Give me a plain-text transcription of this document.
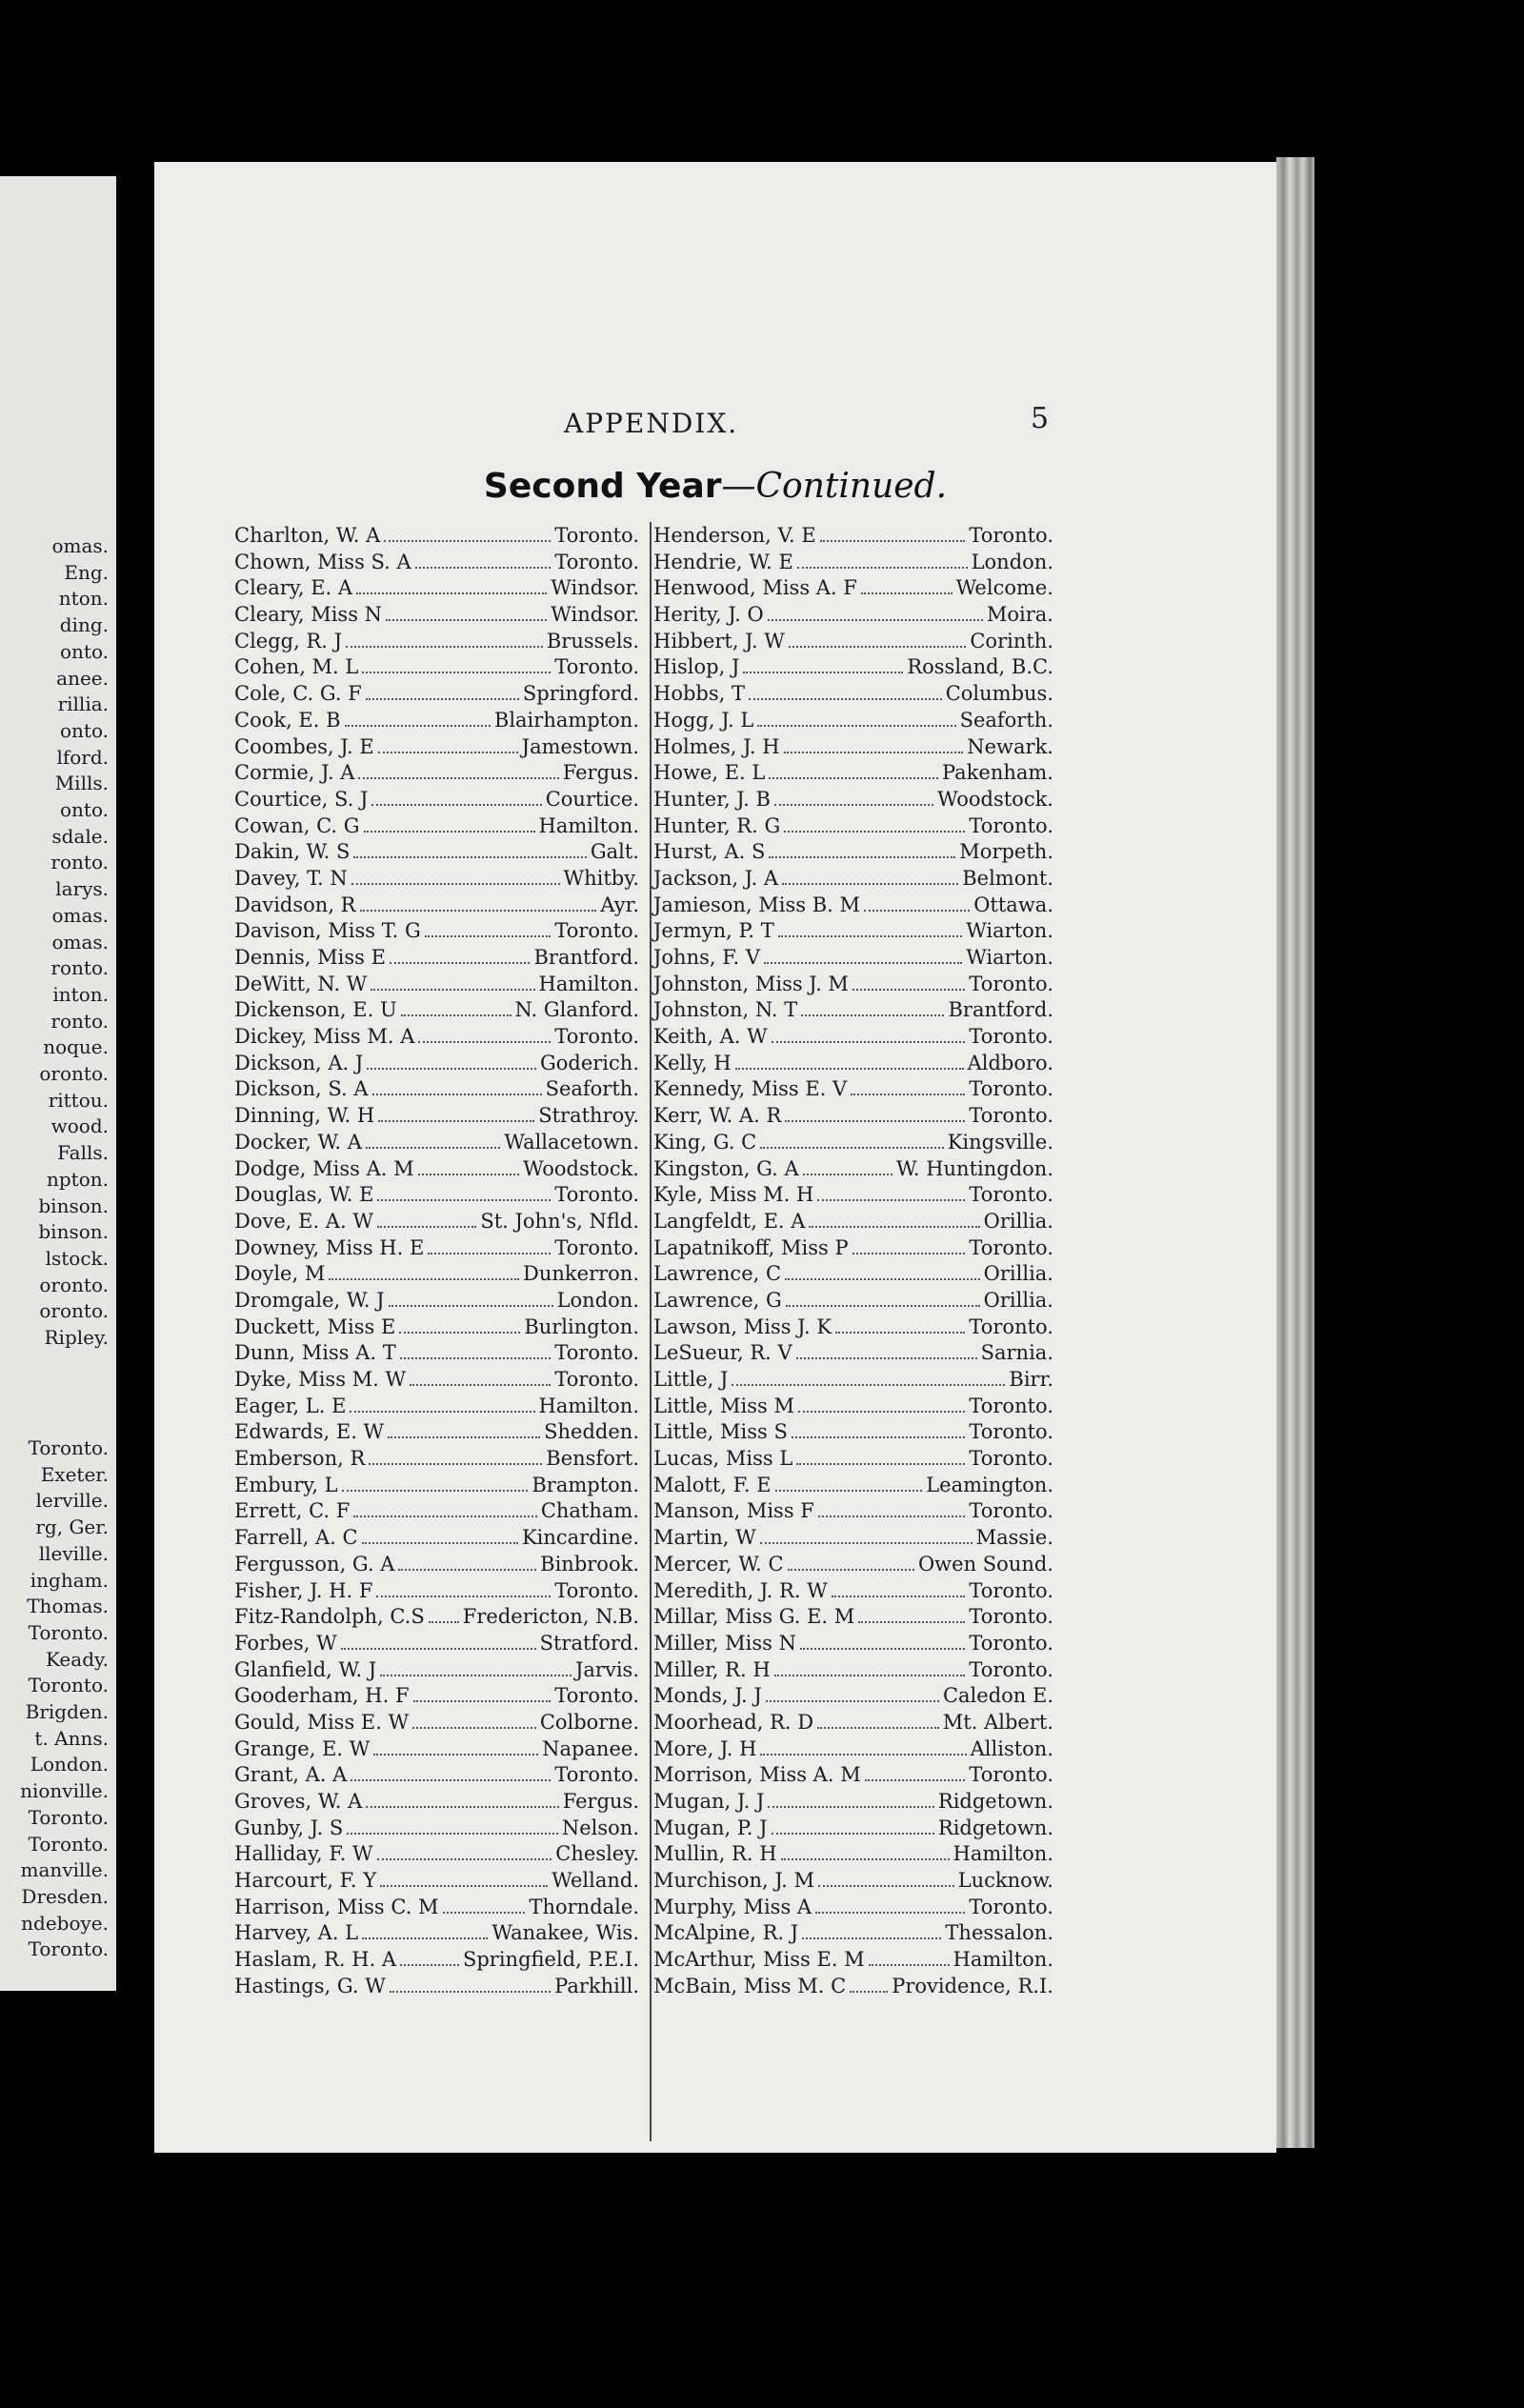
omas.
Eng.
nton.
ding.
onto.
anee.
rillia.
onto.
lford.
Mills.
onto.
sdale.
ronto.
larys.
omas.
omas.
ronto.
inton.
ronto.
noque.
oronto.
rittou.
wood.
Falls.
npton.
binson.
binson.
lstock.
oronto.
oronto.
Ripley.
Toronto.
Exeter.
lerville.
rg, Ger.
lleville.
ingham.
Thomas.
Toronto.
Keady.
Toronto.
Brigden.
t. Anns.
London.
nionville.
Toronto.
Toronto.
manville.
Dresden.
ndeboye.
Toronto.
APPENDIX.	5
Second Year—Continued.
Charlton, W. A	Toronto.
Chown, Miss S. A	Toronto.
Cleary, E. A	Windsor.
Cleary, Miss N	Windsor.
Clegg, R. J	Brussels.
Cohen, M. L	Toronto.
Cole, C. G. F	Springford.
Cook, E. B	Blairhampton.
Coombes, J. E	Jamestown.
Cormie, J. A	Fergus.
Courtice, S. J	Courtice.
Cowan, C. G	Hamilton.
Dakin, W. S	Galt.
Davey, T. N	Whitby.
Davidson, R	Ayr.
Davison, Miss T. G	Toronto.
Dennis, Miss E	Brantford.
DeWitt, N. W	Hamilton.
Dickenson, E. U	N. Glanford.
Dickey, Miss M. A	Toronto.
Dickson, A. J	Goderich.
Dickson, S. A	Seaforth.
Dinning, W. H	Strathroy.
Docker, W. A	Wallacetown.
Dodge, Miss A. M	Woodstock.
Douglas, W. E	Toronto.
Dove, E. A. W	St. John's, Nfld.
Downey, Miss H. E	Toronto.
Doyle, M	Dunkerron.
Dromgale, W. J	London.
Duckett, Miss E	Burlington.
Dunn, Miss A. T	Toronto.
Dyke, Miss M. W	Toronto.
Eager, L. E	Hamilton.
Edwards, E. W	Shedden.
Emberson, R	Bensfort.
Embury, L	Brampton.
Errett, C. F	Chatham.
Farrell, A. C	Kincardine.
Fergusson, G. A	Binbrook.
Fisher, J. H. F	Toronto.
Fitz-Randolph, C.S Fredericton, N.B.
Forbes, W	Stratford.
Glanfield, W. J	Jarvis.
Gooderham, H. F	Toronto.
Gould, Miss E. W	Colborne.
Grange, E. W	Napanee.
Grant, A. A	Toronto.
Groves, W. A	Fergus.
Gunby, J. S	Nelson.
Halliday, F. W	Chesley.
Harcourt, F. Y	Welland.
Harrison, Miss C. M	Thorndale.
Harvey, A. L	Wanakee, Wis.
Haslam, R. H. A	Springfield, P.E.I.
Hastings, G. W	Parkhill.
Henderson, V. E	Toronto.
Hendrie, W. E	London.
Henwood, Miss A. F	Welcome.
Herity, J. O	Moira.
Hibbert, J. W	Corinth.
Hislop, J	Rossland, B.C.
Hobbs, T	Columbus.
Hogg, J. L	Seaforth.
Holmes, J. H	Newark.
Howe, E. L	Pakenham.
Hunter, J. B	Woodstock.
Hunter, R. G	Toronto.
Hurst, A. S	Morpeth.
Jackson, J. A	Belmont.
Jamieson, Miss B. M	Ottawa.
Jermyn, P. T	Wiarton.
Johns, F. V	Wiarton.
Johnston, Miss J. M	Toronto.
Johnston, N. T	Brantford.
Keith, A. W	Toronto.
Kelly, H	Aldboro.
Kennedy, Miss E. V	Toronto.
Kerr, W. A. R	Toronto.
King, G. C	Kingsville.
Kingston, G. A	W. Huntingdon.
Kyle, Miss M. H	Toronto.
Langfeldt, E. A	Orillia.
Lapatnikoff, Miss P	Toronto.
Lawrence, C	Orillia.
Lawrence, G	Orillia.
Lawson, Miss J. K	Toronto.
LeSueur, R. V	Sarnia.
Little, J	Birr.
Little, Miss M	Toronto.
Little, Miss S	Toronto.
Lucas, Miss L	Toronto.
Malott, F. E	Leamington.
Manson, Miss F	Toronto.
Martin, W	Massie.
Mercer, W. C	Owen Sound.
Meredith, J. R. W	Toronto.
Millar, Miss G. E. M	Toronto.
Miller, Miss N	Toronto.
Miller, R. H	Toronto.
Monds, J. J	Caledon E.
Moorhead, R. D	Mt. Albert.
More, J. H	Alliston.
Morrison, Miss A. M	Toronto.
Mugan, J. J	Ridgetown.
Mugan, P. J	Ridgetown.
Mullin, R. H	Hamilton.
Murchison, J. M	Lucknow.
Murphy, Miss A	Toronto.
McAlpine, R. J	Thessalon.
McArthur, Miss E. M	Hamilton.
McBain, Miss M. C Providence, R.I.
